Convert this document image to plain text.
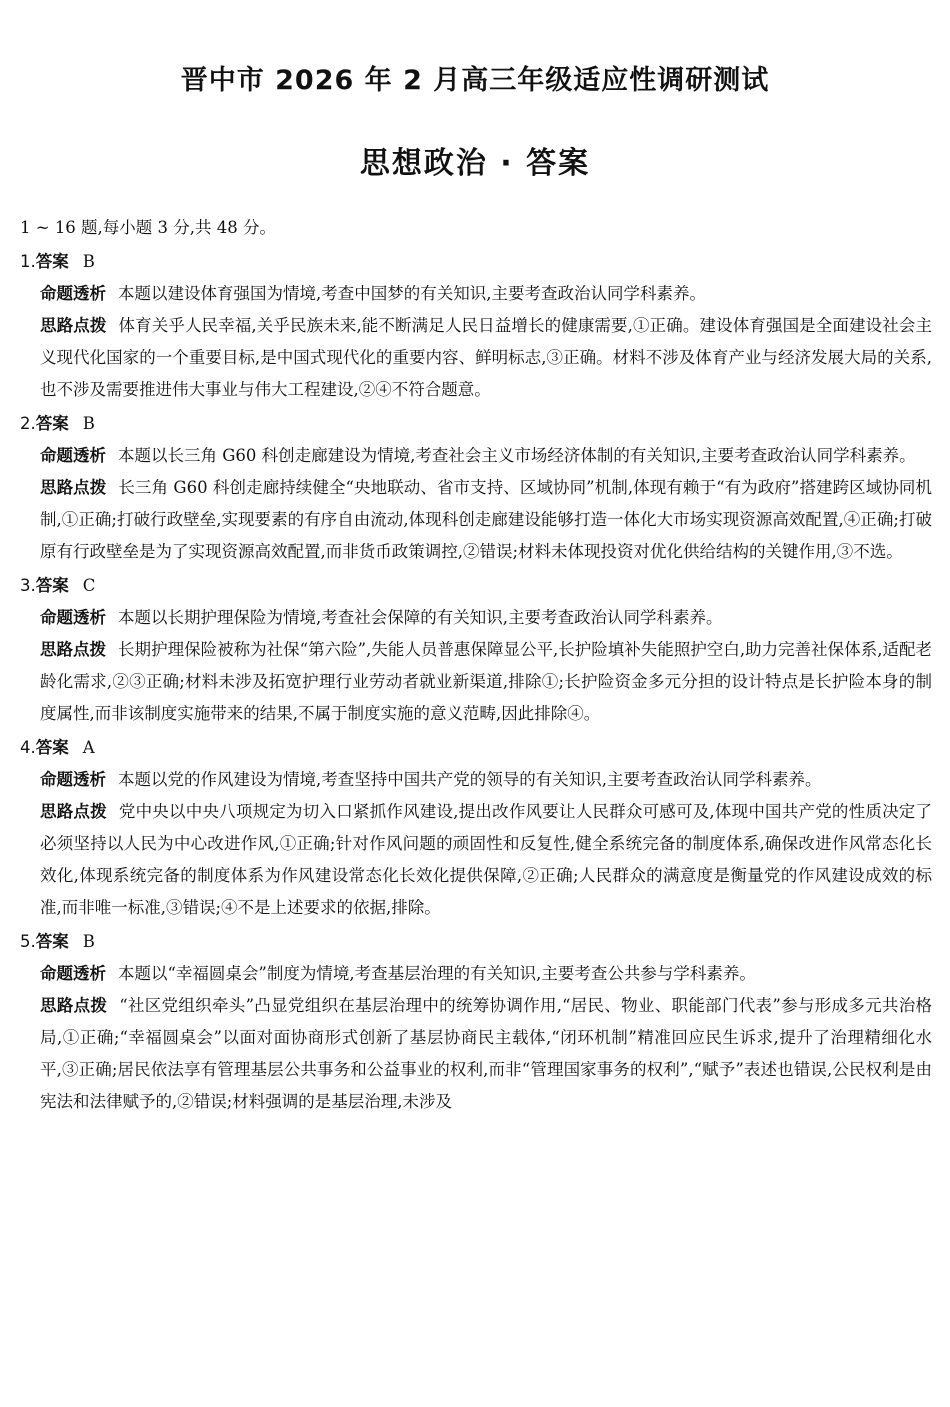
晋中市 2026 年 2 月高三年级适应性调研测试
思想政治 · 答案

1 ~ 16 题,每小题 3 分,共 48 分。

1.答案 B

命题透析 本题以建设体育强国为情境,考查中国梦的有关知识,主要考查政治认同学科素养。

思路点拨 体育关乎人民幸福,关乎民族未来,能不断满足人民日益增长的健康需要,①正确。建设体育强国是全面建设社会主义现代化国家的一个重要目标,是中国式现代化的重要内容、鲜明标志,③正确。材料不涉及体育产业与经济发展大局的关系,也不涉及需要推进伟大事业与伟大工程建设,②④不符合题意。

2.答案 B

命题透析 本题以长三角 G60 科创走廊建设为情境,考查社会主义市场经济体制的有关知识,主要考查政治认同学科素养。

思路点拨 长三角 G60 科创走廊持续健全“央地联动、省市支持、区域协同”机制,体现有赖于“有为政府”搭建跨区域协同机制,①正确;打破行政壁垒,实现要素的有序自由流动,体现科创走廊建设能够打造一体化大市场实现资源高效配置,④正确;打破原有行政壁垒是为了实现资源高效配置,而非货币政策调控,②错误;材料未体现投资对优化供给结构的关键作用,③不选。

3.答案 C

命题透析 本题以长期护理保险为情境,考查社会保障的有关知识,主要考查政治认同学科素养。

思路点拨 长期护理保险被称为社保“第六险”,失能人员普惠保障显公平,长护险填补失能照护空白,助力完善社保体系,适配老龄化需求,②③正确;材料未涉及拓宽护理行业劳动者就业新渠道,排除①;长护险资金多元分担的设计特点是长护险本身的制度属性,而非该制度实施带来的结果,不属于制度实施的意义范畴,因此排除④。

4.答案 A

命题透析 本题以党的作风建设为情境,考查坚持中国共产党的领导的有关知识,主要考查政治认同学科素养。

思路点拨 党中央以中央八项规定为切入口紧抓作风建设,提出改作风要让人民群众可感可及,体现中国共产党的性质决定了必须坚持以人民为中心改进作风,①正确;针对作风问题的顽固性和反复性,健全系统完备的制度体系,确保改进作风常态化长效化,体现系统完备的制度体系为作风建设常态化长效化提供保障,②正确;人民群众的满意度是衡量党的作风建设成效的标准,而非唯一标准,③错误;④不是上述要求的依据,排除。

5.答案 B

命题透析 本题以“幸福圆桌会”制度为情境,考查基层治理的有关知识,主要考查公共参与学科素养。

思路点拨 “社区党组织牵头”凸显党组织在基层治理中的统筹协调作用,“居民、物业、职能部门代表”参与形成多元共治格局,①正确;“幸福圆桌会”以面对面协商形式创新了基层协商民主载体,“闭环机制”精准回应民生诉求,提升了治理精细化水平,③正确;居民依法享有管理基层公共事务和公益事业的权利,而非“管理国家事务的权利”,“赋予”表述也错误,公民权利是由宪法和法律赋予的,②错误;材料强调的是基层治理,未涉及
